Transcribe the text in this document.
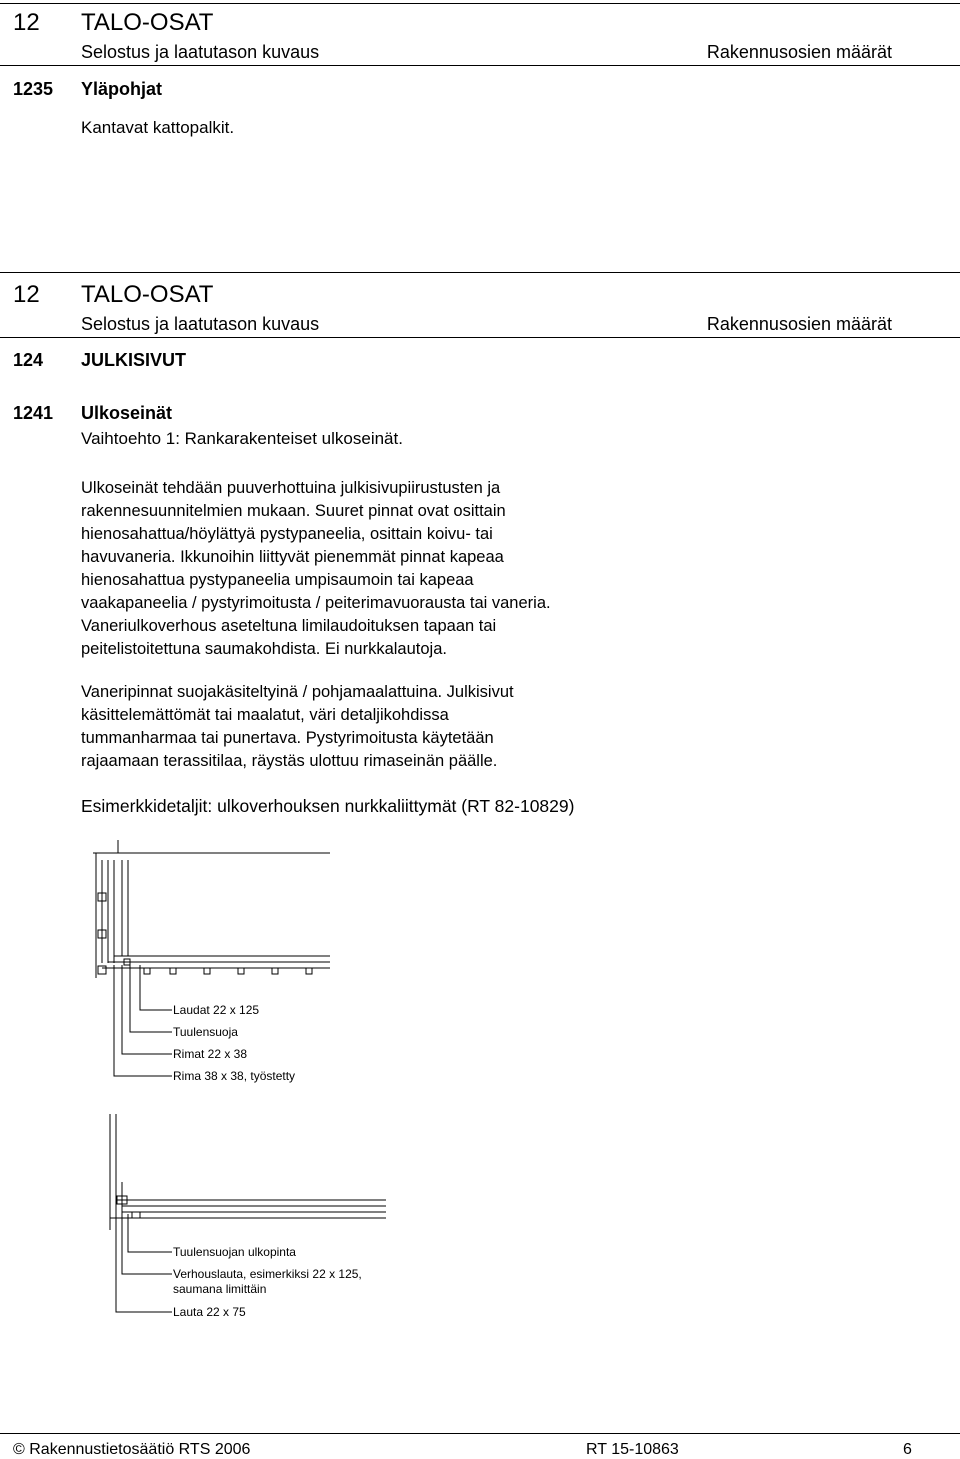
12 TALO-OSAT
Selostus ja laatutason kuvaus	Rakennusosien määrät
1235 Yläpohjat
Kantavat kattopalkit.
12 TALO-OSAT
Selostus ja laatutason kuvaus	Rakennusosien määrät
124 JULKISIVUT
1241 Ulkoseinät
Vaihtoehto 1: Rankarakenteiset ulkoseinät.

Ulkoseinät tehdään puuverhottuina julkisivupiirustusten ja

rakennesuunnitelmien mukaan. Suuret pinnat ovat osittain

hienosahattua/höylättyä pystypaneelia, osittain koivu- tai

havuvaneria. Ikkunoihin liittyvät pienemmät pinnat kapeaa

hienosahattua pystypaneelia umpisaumoin tai kapeaa

vaakapaneelia / pystyrimoitusta / peiterimavuorausta tai vaneria.

Vaneriulkoverhous aseteltuna limilaudoituksen tapaan tai

peitelistoitettuna saumakohdista. Ei nurkkalautoja.

Vaneripinnat suojakäsiteltyinä / pohjamaalattuina. Julkisivut

käsittelemättömät tai maalatut, väri detaljikohdissa

tummanharmaa tai punertava. Pystyrimoitusta käytetään

rajaamaan terassitilaa, räystäs ulottuu rimaseinän päälle.

Esimerkkidetaljit: ulkoverhouksen nurkkaliittymät (RT 82-10829)
Laudat 22 x 125
Tuulensuoja
Rimat 22 x 38
Rima 38 x 38, työstetty
Tuulensuojan ulkopinta
Verhouslauta, esimerkiksi 22 x 125,
saumana limittäin
Lauta 22 x 75
© Rakennustietosäätiö RTS 2006	RT 15-10863	6
